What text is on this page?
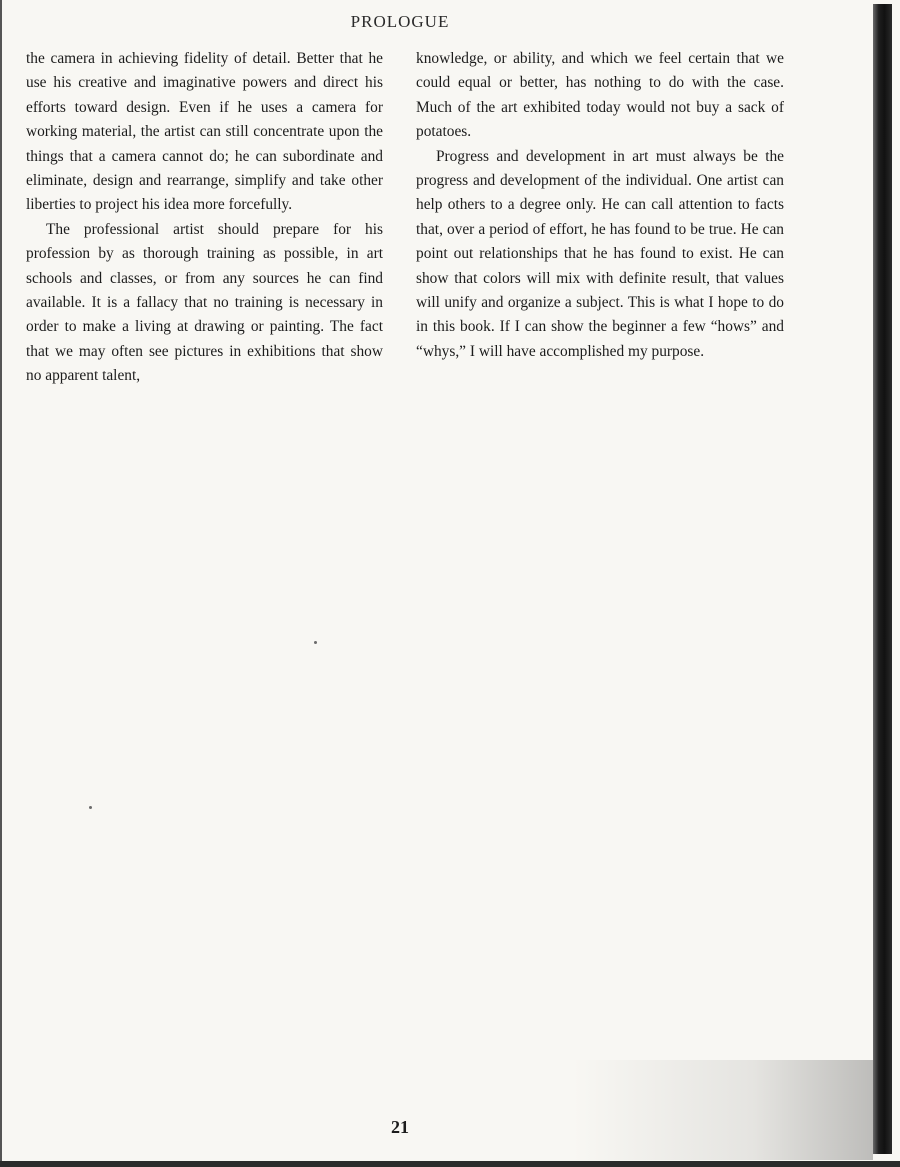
PROLOGUE

the camera in achieving fidelity of detail. Better that he use his creative and imaginative powers and direct his efforts toward design. Even if he uses a camera for working material, the artist can still concentrate upon the things that a camera cannot do; he can subordinate and eliminate, design and rearrange, simplify and take other liberties to project his idea more forcefully.

The professional artist should prepare for his profession by as thorough training as possible, in art schools and classes, or from any sources he can find available. It is a fallacy that no training is necessary in order to make a living at drawing or painting. The fact that we may often see pictures in exhibitions that show no apparent talent,

knowledge, or ability, and which we feel certain that we could equal or better, has nothing to do with the case. Much of the art exhibited today would not buy a sack of potatoes.

Progress and development in art must always be the progress and development of the individual. One artist can help others to a degree only. He can call attention to facts that, over a period of effort, he has found to be true. He can point out relationships that he has found to exist. He can show that colors will mix with definite result, that values will unify and organize a subject. This is what I hope to do in this book. If I can show the beginner a few “hows” and “whys,” I will have accomplished my purpose.

21
